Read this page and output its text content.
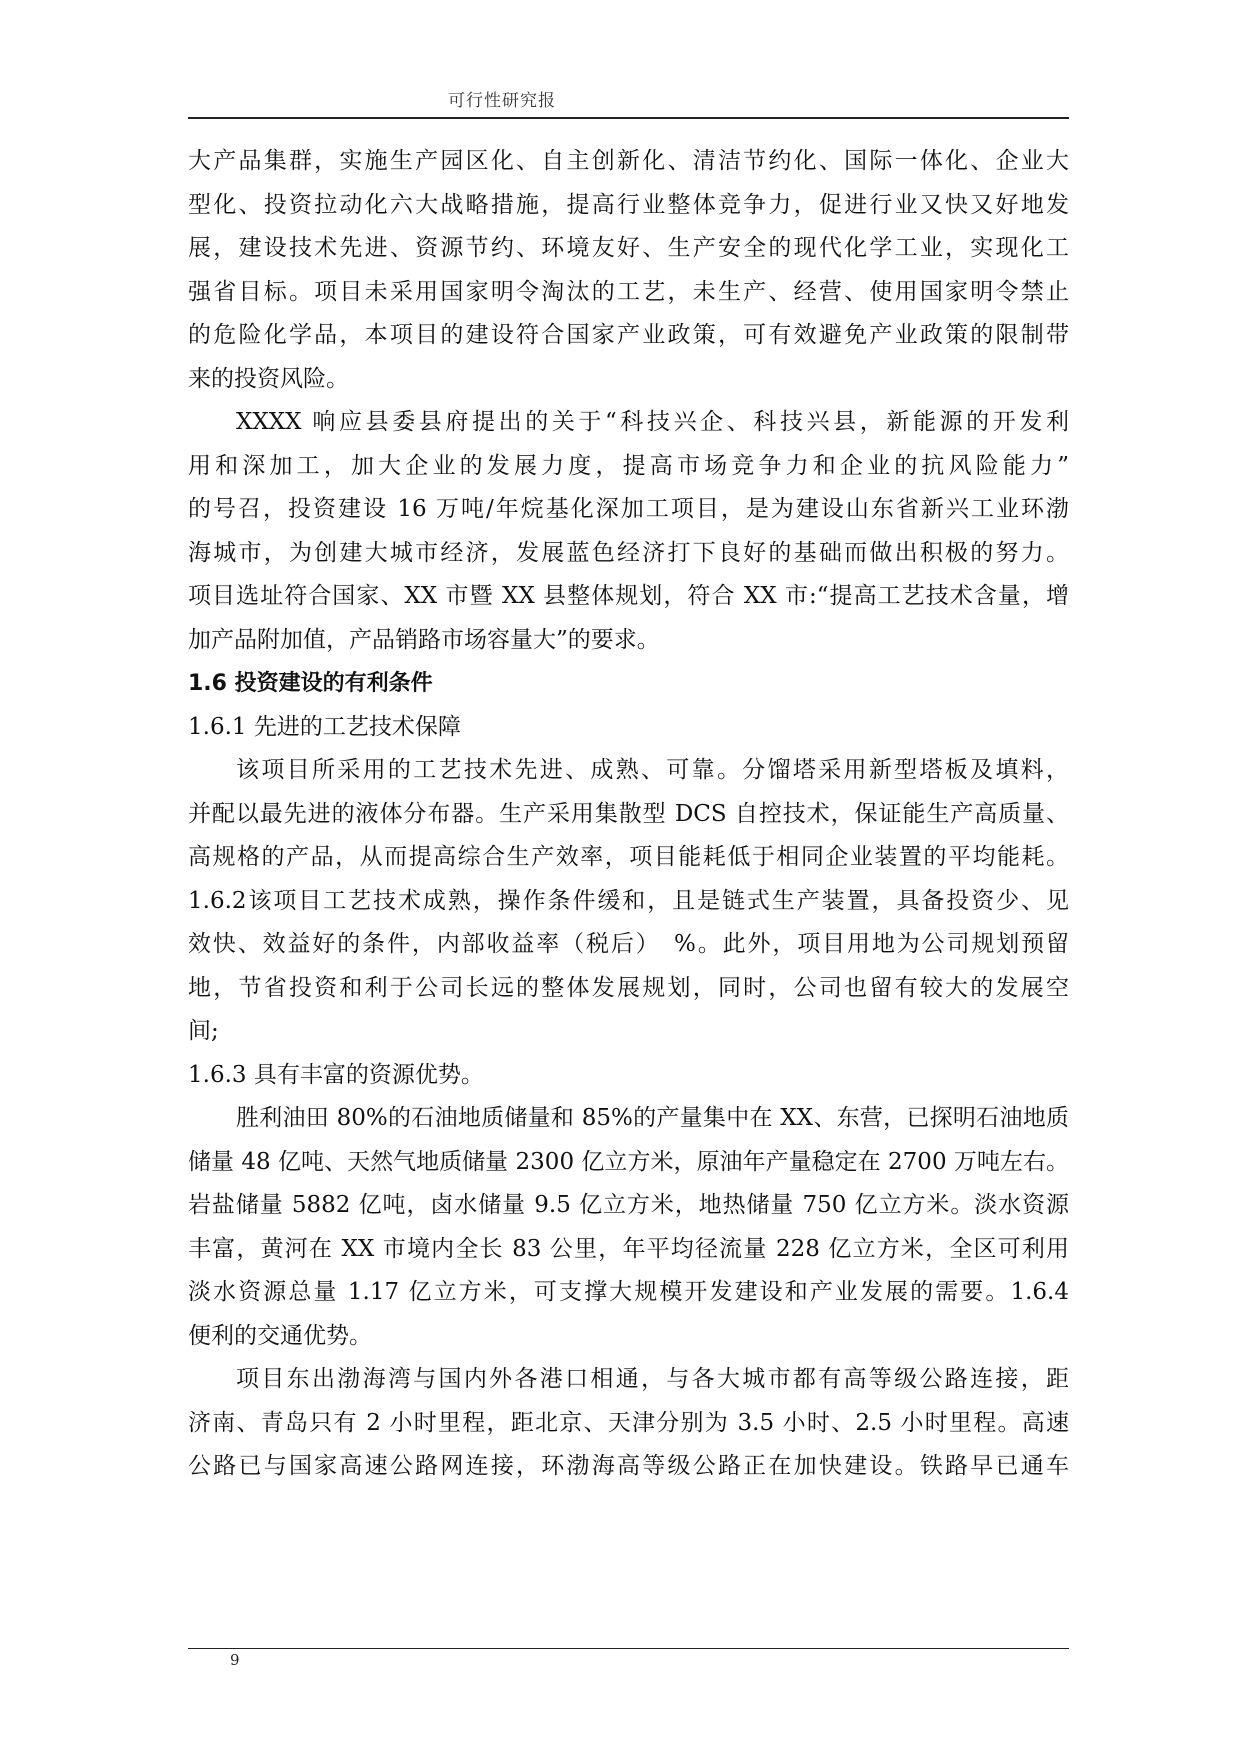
可行性研究报
大产品集群，实施生产园区化、自主创新化、清洁节约化、国际一体化、企业大
型化、投资拉动化六大战略措施，提高行业整体竞争力，促进行业又快又好地发
展，建设技术先进、资源节约、环境友好、生产安全的现代化学工业，实现化工
强省目标。项目未采用国家明令淘汰的工艺，未生产、经营、使用国家明令禁止
的危险化学品，本项目的建设符合国家产业政策，可有效避免产业政策的限制带
来的投资风险。
XXXX 响应县委县府提出的关于“科技兴企、科技兴县，新能源的开发利
用和深加工，加大企业的发展力度，提高市场竞争力和企业的抗风险能力”
的号召，投资建设 16 万吨/年烷基化深加工项目，是为建设山东省新兴工业环渤
海城市，为创建大城市经济，发展蓝色经济打下良好的基础而做出积极的努力。
项目选址符合国家、XX 市暨 XX 县整体规划，符合 XX 市:“提高工艺技术含量，增
加产品附加值，产品销路市场容量大”的要求。
1.6 投资建设的有利条件
1.6.1 先进的工艺技术保障
该项目所采用的工艺技术先进、成熟、可靠。分馏塔采用新型塔板及填料，
并配以最先进的液体分布器。生产采用集散型 DCS 自控技术，保证能生产高质量、
高规格的产品，从而提高综合生产效率，项目能耗低于相同企业装置的平均能耗。
1.6.2该项目工艺技术成熟，操作条件缓和，且是链式生产装置，具备投资少、见
效快、效益好的条件，内部收益率（税后）　%。此外，项目用地为公司规划预留
地，节省投资和利于公司长远的整体发展规划，同时，公司也留有较大的发展空
间;
1.6.3 具有丰富的资源优势。
胜利油田 80%的石油地质储量和 85%的产量集中在 XX、东营，已探明石油地质
储量 48 亿吨、天然气地质储量 2300 亿立方米，原油年产量稳定在 2700 万吨左右。
岩盐储量 5882 亿吨，卤水储量 9.5 亿立方米，地热储量 750 亿立方米。淡水资源
丰富，黄河在 XX 市境内全长 83 公里，年平均径流量 228 亿立方米，全区可利用
淡水资源总量 1.17 亿立方米，可支撑大规模开发建设和产业发展的需要。1.6.4
便利的交通优势。
项目东出渤海湾与国内外各港口相通，与各大城市都有高等级公路连接，距
济南、青岛只有 2 小时里程，距北京、天津分别为 3.5 小时、2.5 小时里程。高速
公路已与国家高速公路网连接，环渤海高等级公路正在加快建设。铁路早已通车
9
